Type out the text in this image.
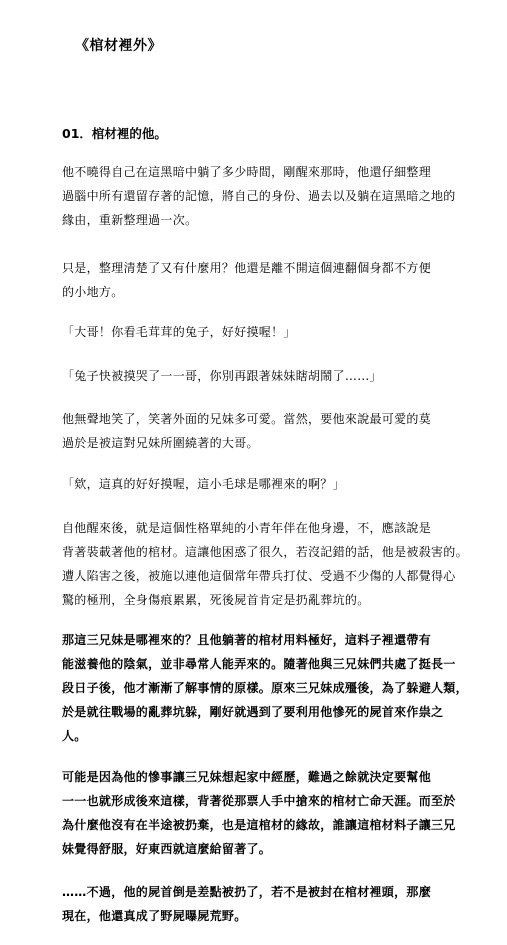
《棺材裡外》
01．棺材裡的他。
他不曉得自己在這黑暗中躺了多少時間，剛醒來那時，他還仔細整理
過腦中所有還留存著的記憶，將自己的身份、過去以及躺在這黑暗之地的
緣由，重新整理過一次。
只是，整理清楚了又有什麼用？他還是離不開這個連翻個身都不方便
的小地方。
「大哥！你看毛茸茸的兔子，好好摸喔！」
「兔子快被摸哭了一一哥，你別再跟著妹妹瞎胡鬧了……」
他無聲地笑了，笑著外面的兄妹多可愛。當然，要他來說最可愛的莫
過於是被這對兄妹所圍繞著的大哥。
「欸，這真的好好摸喔，這小毛球是哪裡來的啊？」
自他醒來後，就是這個性格單純的小青年伴在他身邊，不，應該說是
背著裝載著他的棺材。這讓他困惑了很久，若沒記錯的話，他是被殺害的。
遭人陷害之後，被施以連他這個常年帶兵打仗、受過不少傷的人都覺得心
驚的極刑，全身傷痕累累，死後屍首肯定是扔亂葬坑的。
那這三兄妹是哪裡來的？且他躺著的棺材用料極好，這料子裡還帶有
能滋養他的陰氣，並非尋常人能弄來的。隨著他與三兄妹們共處了挺長一
段日子後，他才漸漸了解事情的原樣。原來三兄妹成殭後，為了躲避人類，
於是就往戰場的亂葬坑躲，剛好就遇到了要利用他慘死的屍首來作祟之
人。
可能是因為他的慘事讓三兄妹想起家中經歷，難過之餘就決定要幫他
一一也就形成後來這樣，背著從那票人手中搶來的棺材亡命天涯。而至於
為什麼他沒有在半途被扔棄，也是這棺材的緣故，誰讓這棺材料子讓三兄
妹覺得舒服，好東西就這麼給留著了。
……不過，他的屍首倒是差點被扔了，若不是被封在棺材裡頭，那麼
現在，他還真成了野屍曝屍荒野。
